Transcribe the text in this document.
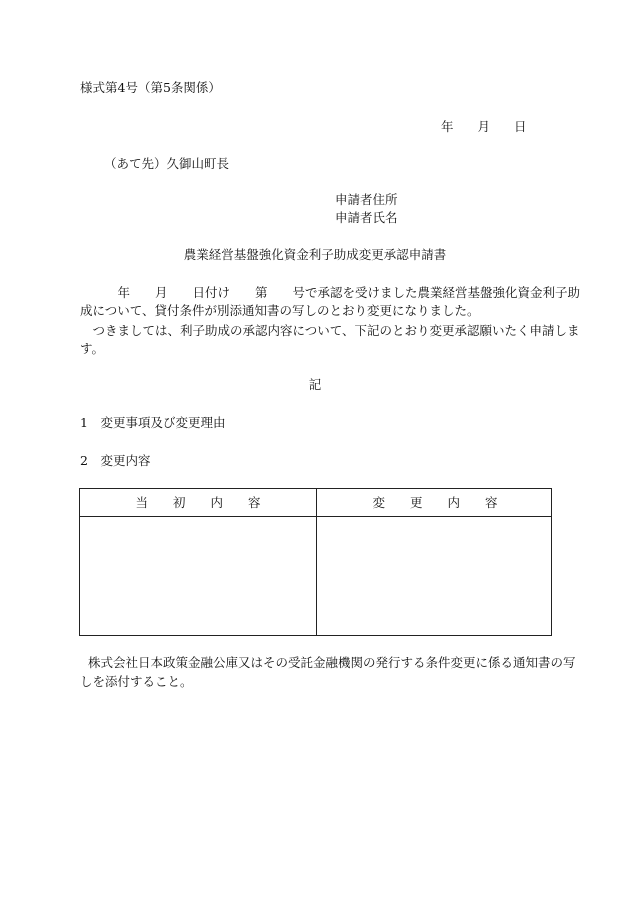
様式第4号（第5条関係）
年 月 日
（あて先）久御山町長
申請者住所
申請者氏名
農業経営基盤強化資金利子助成変更承認申請書
　　　年　　月　　日付け　　第　　号で承認を受けました農業経営基盤強化資金利子助
成について、貸付条件が別添通知書の写しのとおり変更になりました。
　つきましては、利子助成の承認内容について、下記のとおり変更承認願いたく申請しま
す。
記
1　変更事項及び変更理由
2　変更内容
当　　初　　内　　容	変　　更　　内　　容
株式会社日本政策金融公庫又はその受託金融機関の発行する条件変更に係る通知書の写
しを添付すること。
